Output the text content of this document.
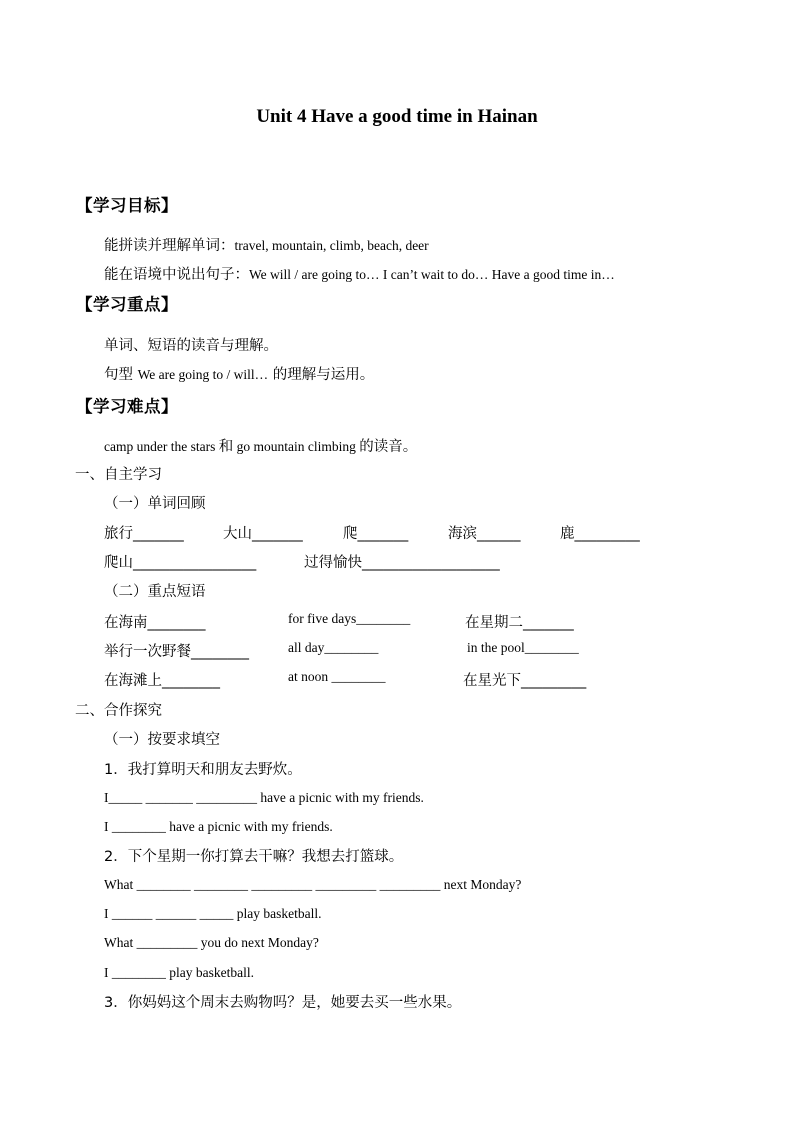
Unit 4 Have a good time in Hainan
【学习目标】
能拼读并理解单词：travel, mountain, climb, beach, deer
能在语境中说出句子：We will / are going to… I can’t wait to do… Have a good time in…
【学习重点】
单词、短语的读音与理解。
句型 We are going to / will… 的理解与运用。
【学习难点】
camp under the stars 和 go mountain climbing 的读音。
一、自主学习
（一）单词回顾
旅行_______	大山_______	爬_______	海滨______	鹿_________
爬山_________________	过得愉快___________________
（二）重点短语
在海南________	for five days________	在星期二_______
举行一次野餐________	all day________	in the pool________
在海滩上________	at noon ________	在星光下_________
二、合作探究
（一）按要求填空
1．我打算明天和朋友去野炊。
I_____ _______ _________ have a picnic with my friends.
I ________ have a picnic with my friends.
2．下个星期一你打算去干嘛？我想去打篮球。
What ________ ________ _________ _________ _________ next Monday?
I ______ ______ _____ play basketball.
What _________ you do next Monday?
I ________ play basketball.
3．你妈妈这个周末去购物吗？是，她要去买一些水果。
